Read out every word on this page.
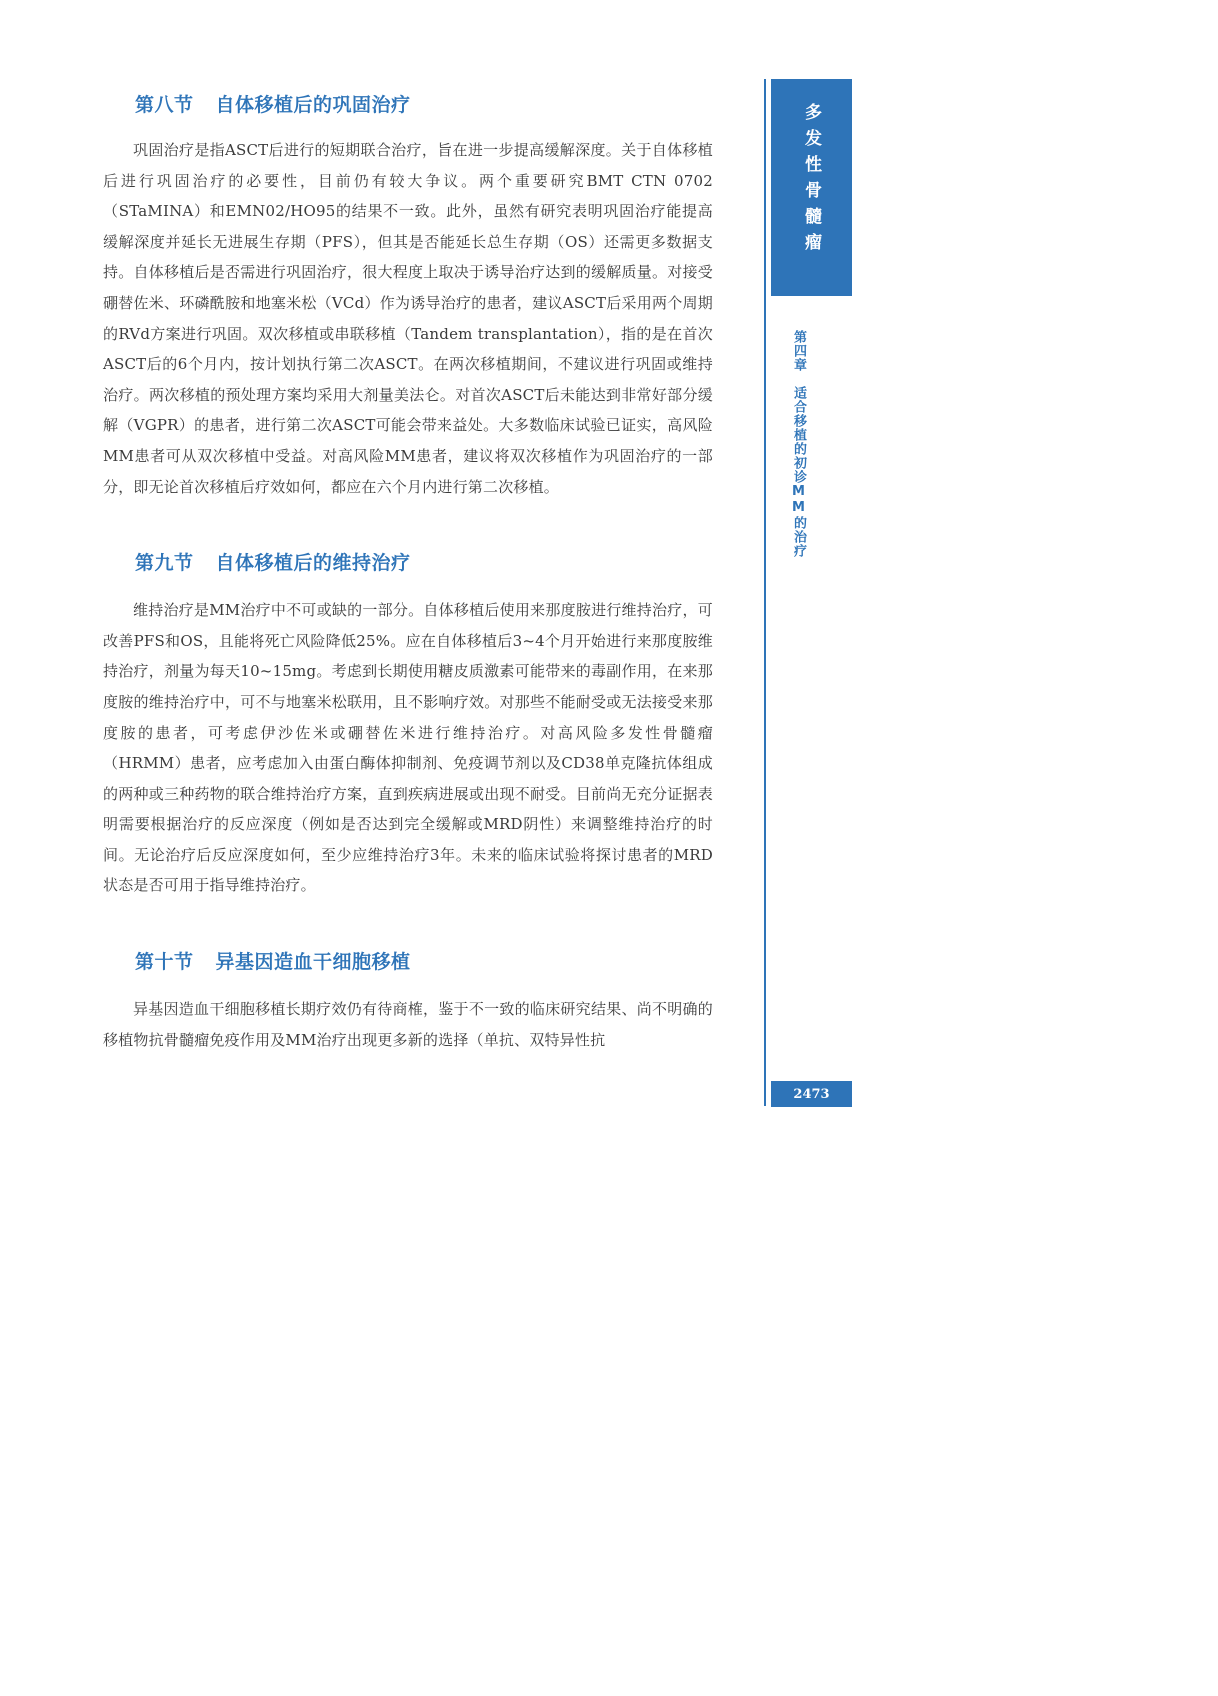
第八节 自体移植后的巩固治疗

巩固治疗是指ASCT后进行的短期联合治疗，旨在进一步提高缓解深度。关于自体移植后进行巩固治疗的必要性，目前仍有较大争议。两个重要研究BMT CTN 0702（STaMINA）和EMN02/HO95的结果不一致。此外，虽然有研究表明巩固治疗能提高缓解深度并延长无进展生存期（PFS），但其是否能延长总生存期（OS）还需更多数据支持。自体移植后是否需进行巩固治疗，很大程度上取决于诱导治疗达到的缓解质量。对接受硼替佐米、环磷酰胺和地塞米松（VCd）作为诱导治疗的患者，建议ASCT后采用两个周期的RVd方案进行巩固。双次移植或串联移植（Tandem transplantation），指的是在首次ASCT后的6个月内，按计划执行第二次ASCT。在两次移植期间，不建议进行巩固或维持治疗。两次移植的预处理方案均采用大剂量美法仑。对首次ASCT后未能达到非常好部分缓解（VGPR）的患者，进行第二次ASCT可能会带来益处。大多数临床试验已证实，高风险MM患者可从双次移植中受益。对高风险MM患者，建议将双次移植作为巩固治疗的一部分，即无论首次移植后疗效如何，都应在六个月内进行第二次移植。

第九节 自体移植后的维持治疗

维持治疗是MM治疗中不可或缺的一部分。自体移植后使用来那度胺进行维持治疗，可改善PFS和OS，且能将死亡风险降低25%。应在自体移植后3~4个月开始进行来那度胺维持治疗，剂量为每天10~15mg。考虑到长期使用糖皮质激素可能带来的毒副作用，在来那度胺的维持治疗中，可不与地塞米松联用，且不影响疗效。对那些不能耐受或无法接受来那度胺的患者，可考虑伊沙佐米或硼替佐米进行维持治疗。对高风险多发性骨髓瘤（HRMM）患者，应考虑加入由蛋白酶体抑制剂、免疫调节剂以及CD38单克隆抗体组成的两种或三种药物的联合维持治疗方案，直到疾病进展或出现不耐受。目前尚无充分证据表明需要根据治疗的反应深度（例如是否达到完全缓解或MRD阴性）来调整维持治疗的时间。无论治疗后反应深度如何，至少应维持治疗3年。未来的临床试验将探讨患者的MRD状态是否可用于指导维持治疗。

第十节 异基因造血干细胞移植

异基因造血干细胞移植长期疗效仍有待商榷，鉴于不一致的临床研究结果、尚不明确的移植物抗骨髓瘤免疫作用及MM治疗出现更多新的选择（单抗、双特异性抗

多发性骨髓瘤
第四章适合移植的初诊MM的治疗
2473
